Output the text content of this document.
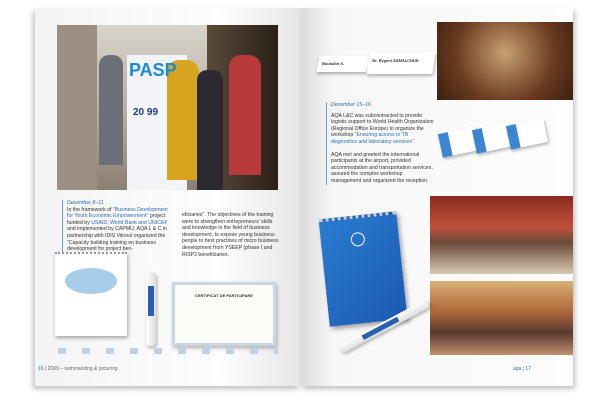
PASP
20 99
December 8–11
In the framework of "Business Development for Youth Economic Empowerment" project funded by USAID, World Bank and UNICEF and implemented by CAPMU, AQA L & C in partnership with IDIS Viitorul organized the "Capacity building training on business development for project ben-
eficiaries". The objectives of the training were to strengthen entrepreneurs' skills and knowledge in the field of business development, to expose young business people to best practices of micro business development from YSEEP (phase I and RISP2 beneficiaries.
CERTIFICAT DE PARTICIPARE
16 | 2009 – summarizing & picturing
Bousdan A.
Dr. Evgeni SAMALCHUK
December 15–16
AQA L&C was subcontracted to provide logistic support to World Health Organization (Regional Office Europe) to organize the workshop "Ensuring access to TB diagnostics and laboratory services".
AQA met and greeted the international participants at the airport, provided accommodation and transportation services, assured the complex workshop management and organized the reception.
aqa | 17
